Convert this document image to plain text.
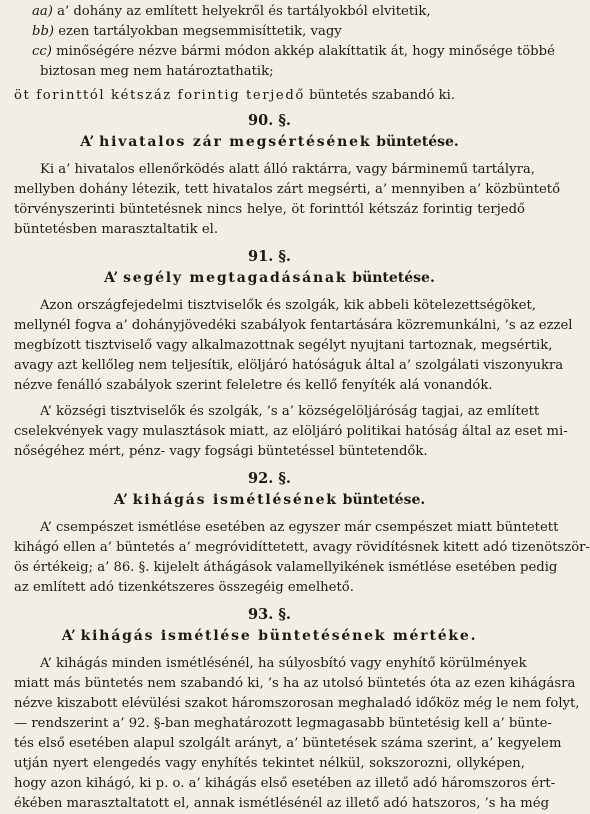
aa) a’ dohány az említett helyekről és tartályokból elvitetik,
bb) ezen tartályokban megsemmisíttetik, vagy
cc) minőségére nézve bármi módon akkép alakíttatik át, hogy minősége többé
biztosan meg nem határoztathatik;
öt forinttól kétszáz forintig terjedő büntetés szabandó ki.
90. §.
A’ hivatalos zár megsértésének büntetése.
Ki a’ hivatalos ellenőrködés alatt álló raktárra, vagy bárminemű tartályra,
mellyben dohány létezik, tett hivatalos zárt megsérti, a’ mennyiben a’ közbüntető
törvényszerinti büntetésnek nincs helye, öt forinttól kétszáz forintig terjedő
büntetésben marasztaltatik el.
91. §.
A’ segély megtagadásának büntetése.
Azon országfejedelmi tisztviselők és szolgák, kik abbeli kötelezettségöket,
mellynél fogva a’ dohányjövedéki szabályok fentartására közremunkálni, ’s az ezzel
megbízott tisztviselő vagy alkalmazottnak segélyt nyujtani tartoznak, megsértik,
avagy azt kellőleg nem teljesítik, elöljáró hatóságuk által a’ szolgálati viszonyukra
nézve fenálló szabályok szerint feleletre és kellő fenyíték alá vonandók.
A’ községi tisztviselők és szolgák, ’s a’ községelöljáróság tagjai, az említett
cselekvények vagy mulasztások miatt, az elöljáró politikai hatóság által az eset mi-
nőségéhez mért, pénz- vagy fogsági büntetéssel büntetendők.
92. §.
A’ kihágás ismétlésének büntetése.
A’ csempészet ismétlése esetében az egyszer már csempészet miatt büntetett
kihágó ellen a’ büntetés a’ megróvidíttetett, avagy rövidítésnek kitett adó tizenötször-
ös értékeig; a’ 86. §. kijelelt áthágások valamellyikének ismétlése esetében pedig
az említett adó tizenkétszeres összegéig emelhető.
93. §.
A’ kihágás ismétlése büntetésének mértéke.
A’ kihágás minden ismétlésénél, ha súlyosbító vagy enyhítő körülmények
miatt más büntetés nem szabandó ki, ’s ha az utolsó büntetés óta az ezen kihágásra
nézve kiszabott elévülési szakot háromszorosan meghaladó időköz még le nem folyt,
— rendszerint a’ 92. §-ban meghatározott legmagasabb büntetésig kell a’ bünte-
tés első esetében alapul szolgált arányt, a’ büntetések száma szerint, a’ kegyelem
utján nyert elengedés vagy enyhítés tekintet nélkül, sokszorozni, ollyképen,
hogy azon kihágó, ki p. o. a’ kihágás első esetében az illető adó háromszoros ért-
ékében marasztaltatott el, annak ismétlésénél az illető adó hatszoros, ’s ha még
